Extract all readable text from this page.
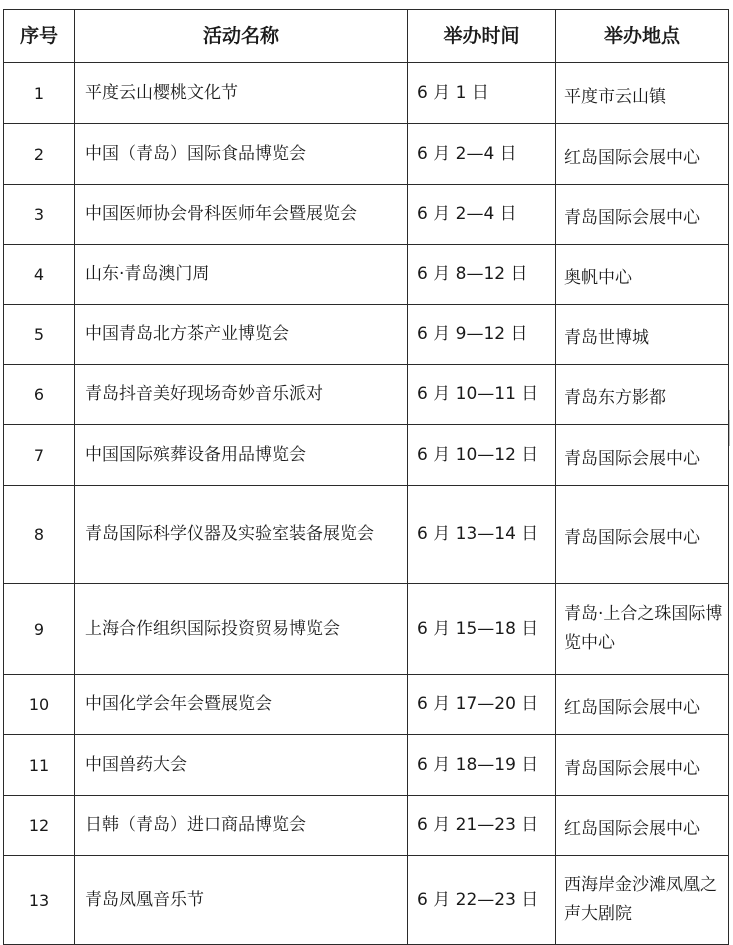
序号	活动名称	举办时间	举办地点
1	平度云山樱桃文化节	6 月 1 日	平度市云山镇
2	中国（青岛）国际食品博览会	6 月 2—4 日	红岛国际会展中心
3	中国医师协会骨科医师年会暨展览会	6 月 2—4 日	青岛国际会展中心
4	山东·青岛澳门周	6 月 8—12 日	奥帆中心
5	中国青岛北方茶产业博览会	6 月 9—12 日	青岛世博城
6	青岛抖音美好现场奇妙音乐派对	6 月 10—11 日	青岛东方影都
7	中国国际殡葬设备用品博览会	6 月 10—12 日	青岛国际会展中心
8	青岛国际科学仪器及实验室装备展览会	6 月 13—14 日	青岛国际会展中心
9	上海合作组织国际投资贸易博览会	6 月 15—18 日	青岛·上合之珠国际博览中心
10	中国化学会年会暨展览会	6 月 17—20 日	红岛国际会展中心
11	中国兽药大会	6 月 18—19 日	青岛国际会展中心
12	日韩（青岛）进口商品博览会	6 月 21—23 日	红岛国际会展中心
13	青岛凤凰音乐节	6 月 22—23 日	西海岸金沙滩凤凰之声大剧院
